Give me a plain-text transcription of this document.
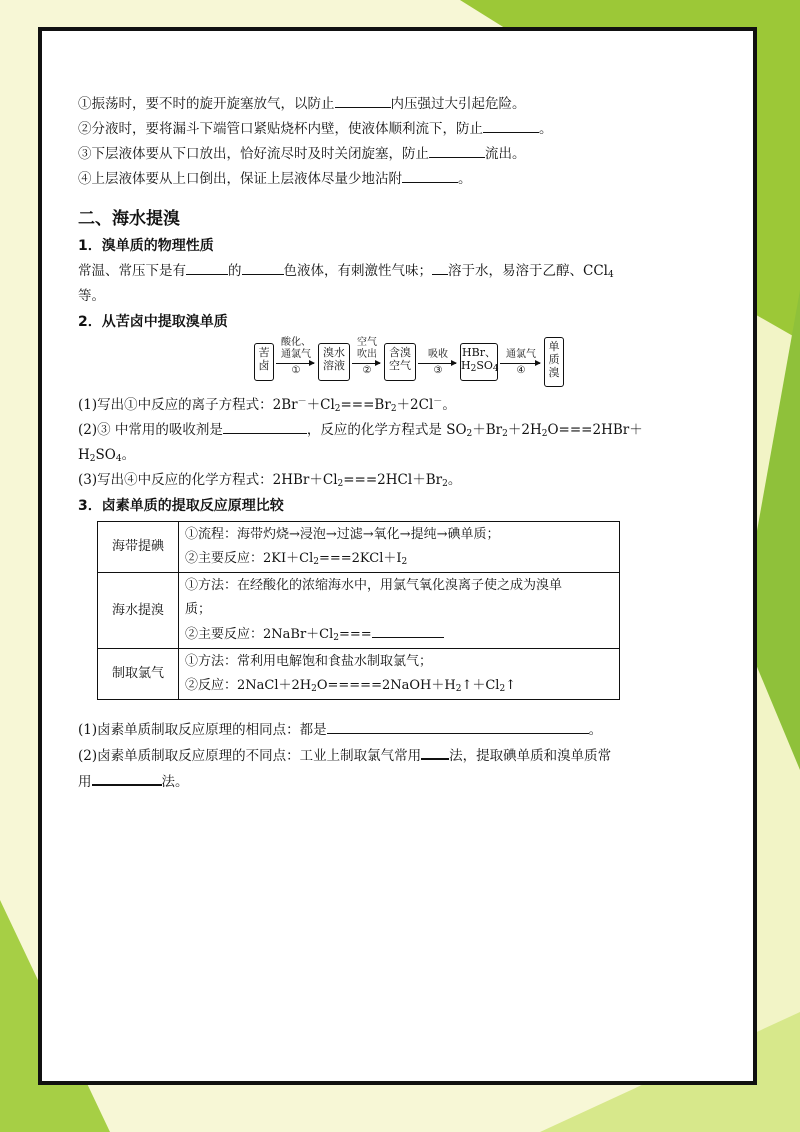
①振荡时，要不时的旋开旋塞放气，以防止	内压强过大引起危险。
②分液时，要将漏斗下端管口紧贴烧杯内壁，使液体顺利流下，防止	。
③下层液体要从下口放出，恰好流尽时及时关闭旋塞，防止	流出。
④上层液体要从上口倒出，保证上层液体尽量少地沾附	。
二、海水提溴
1．溴单质的物理性质
常温、常压下是有	的	色液体，有刺激性气味； 溶于水，易溶于乙醇、CCl$_4$
等。
2．从苦卤中提取溴单质
苦
卤
酸化、
通氯气
①
溴水
溶液
空气
吹出
②
含溴
空气
吸收
③
HBr、
$H_2SO_4$
通氯气
④
单
质
溴
(1)写出①中反应的离子方程式：$2Br^-+Cl_2===Br_2+2Cl^-$。
(2)③ 中常用的吸收剂是	，反应的化学方程式是 $SO_2+Br_2+2H_2O===2HBr+$
$H_2SO_4$。
(3)写出④中反应的化学方程式：$2HBr+Cl_2===2HCl+Br_2$。
3．卤素单质的提取反应原理比较
海带提碘	①流程：海带灼烧→浸泡→过滤→氧化→提纯→碘单质；
②主要反应：$2KI+Cl_2===2KCl+I_2$

海水提溴	①方法：在经酸化的浓缩海水中，用氯气氧化溴离子使之成为溴单
质；
②主要反应：$2NaBr+Cl_2===$

制取氯气	①方法：常利用电解饱和食盐水制取氯气；
②反应：$2NaCl+2H_2O=====2NaOH+H_2↑+Cl_2↑$
(1)卤素单质制取反应原理的相同点：都是	。
(2)卤素单质制取反应原理的不同点：工业上制取氯气常用 法，提取碘单质和溴单质常
用	法。
